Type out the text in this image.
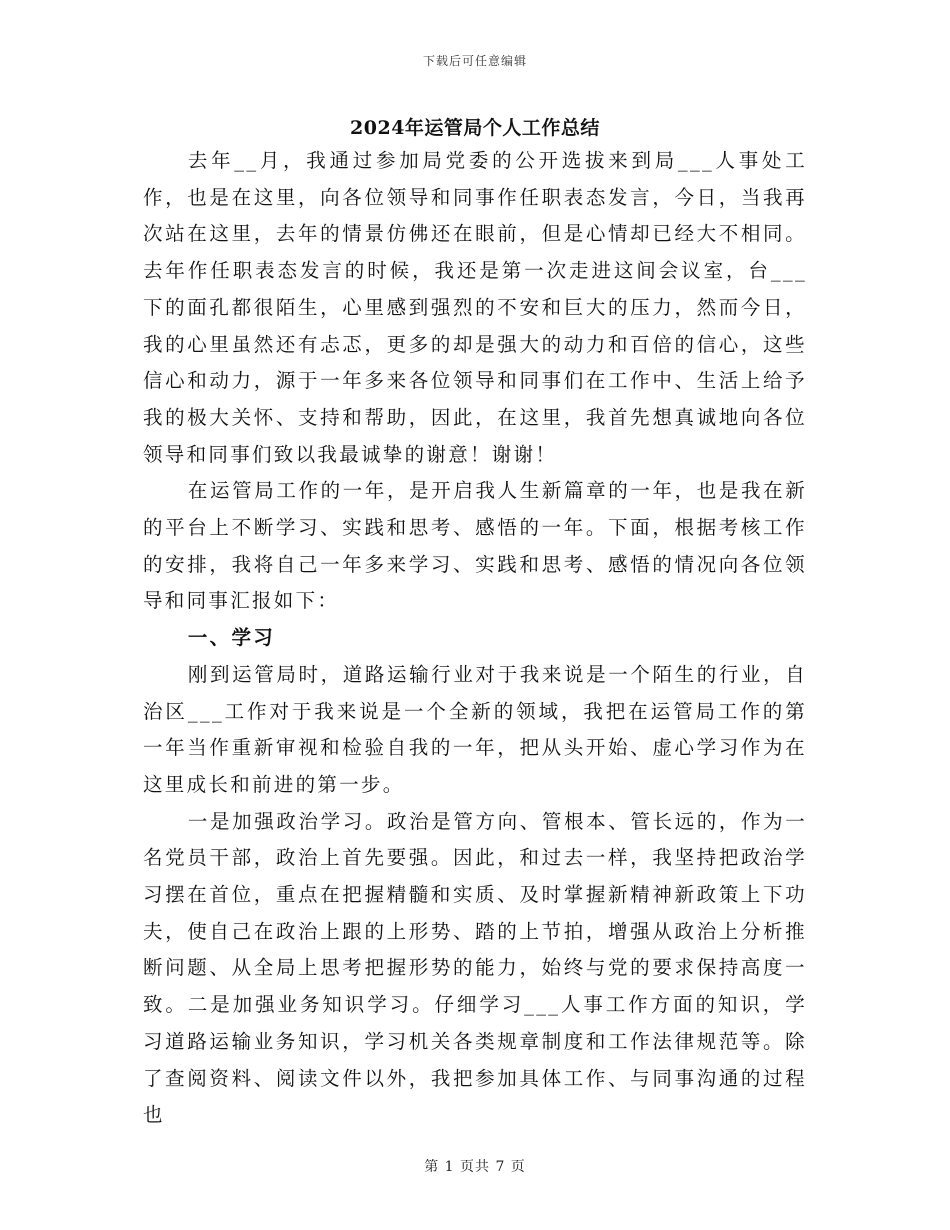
下载后可任意编辑
2024年运管局个人工作总结

去年__月，我通过参加局党委的公开选拔来到局___人事处工作，也是在这里，向各位领导和同事作任职表态发言，今日，当我再次站在这里，去年的情景仿佛还在眼前，但是心情却已经大不相同。去年作任职表态发言的时候，我还是第一次走进这间会议室，台___下的面孔都很陌生，心里感到强烈的不安和巨大的压力，然而今日，我的心里虽然还有忐忑，更多的却是强大的动力和百倍的信心，这些信心和动力，源于一年多来各位领导和同事们在工作中、生活上给予我的极大关怀、支持和帮助，因此，在这里，我首先想真诚地向各位领导和同事们致以我最诚挚的谢意！谢谢！

在运管局工作的一年，是开启我人生新篇章的一年，也是我在新的平台上不断学习、实践和思考、感悟的一年。下面，根据考核工作的安排，我将自己一年多来学习、实践和思考、感悟的情况向各位领导和同事汇报如下：

一、学习

刚到运管局时，道路运输行业对于我来说是一个陌生的行业，自治区___工作对于我来说是一个全新的领域，我把在运管局工作的第一年当作重新审视和检验自我的一年，把从头开始、虚心学习作为在这里成长和前进的第一步。

一是加强政治学习。政治是管方向、管根本、管长远的，作为一名党员干部，政治上首先要强。因此，和过去一样，我坚持把政治学习摆在首位，重点在把握精髓和实质、及时掌握新精神新政策上下功夫，使自己在政治上跟的上形势、踏的上节拍，增强从政治上分析推断问题、从全局上思考把握形势的能力，始终与党的要求保持高度一致。二是加强业务知识学习。仔细学习___人事工作方面的知识，学习道路运输业务知识，学习机关各类规章制度和工作法律规范等。除了查阅资料、阅读文件以外，我把参加具体工作、与同事沟通的过程也

第 1 页共 7 页
